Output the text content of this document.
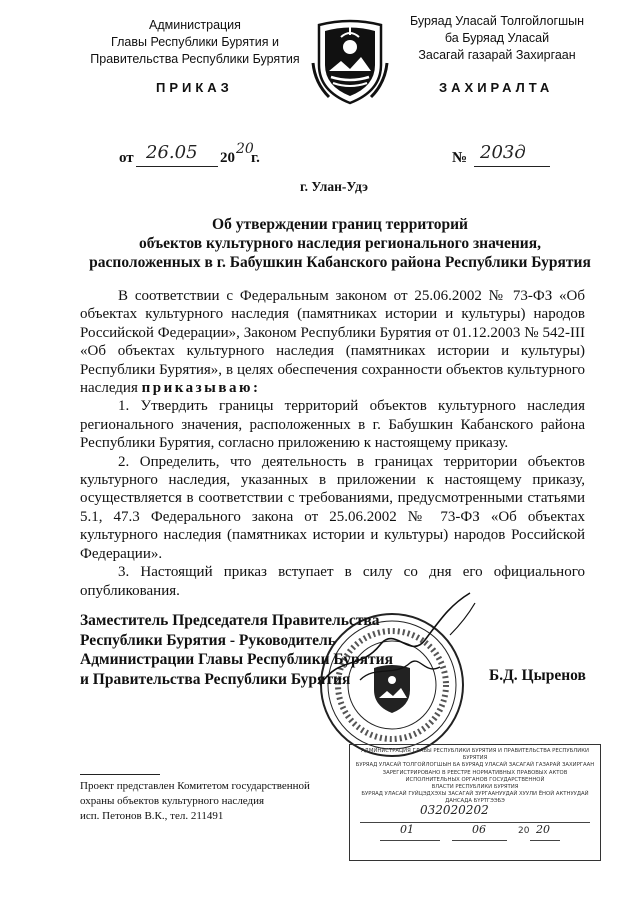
Администрация
Главы Республики Бурятия и
Правительства Республики Бурятия
ПРИКАЗ
Буряад Уласай Толгойлогшын
ба Буряад Уласай
Засагай газарай Захиргаан
ЗАХИРАЛТА
от 26.05 20
20
г.	№ 203д
г. Улан-Удэ
Об утверждении границ территорий
объектов культурного наследия регионального значения,
расположенных в г. Бабушкин Кабанского района Республики Бурятия

В соответствии с Федеральным законом от 25.06.2002 № 73-ФЗ «Об объектах культурного наследия (памятниках истории и культуры) народов Российской Федерации», Законом Республики Бурятия от 01.12.2003 № 542-III «Об объектах культурного наследия (памятниках истории и культуры) Республики Бурятия», в целях обеспечения сохранности объектов культурного наследия приказываю:

1. Утвердить границы территорий объектов культурного наследия регионального значения, расположенных в г. Бабушкин Кабанского района Республики Бурятия, согласно приложению к настоящему приказу.

2. Определить, что деятельность в границах территории объектов культурного наследия, указанных в приложении к настоящему приказу, осуществляется в соответствии с требованиями, предусмотренными статьями 5.1, 47.3 Федерального закона от 25.06.2002 № 73-ФЗ «Об объектах культурного наследия (памятниках истории и культуры) народов Российской Федерации».

3. Настоящий приказ вступает в силу со дня его официального опубликования.

Заместитель Председателя Правительства
Республики Бурятия - Руководитель
Администрации Главы Республики Бурятия
и Правительства Республики Бурятия	Б.Д. Цыренов
АДМИНИСТРАЦИЯ ГЛАВЫ РЕСПУБЛИКИ БУРЯТИЯ И ПРАВИТЕЛЬСТВА РЕСПУБЛИКИ БУРЯТИЯ
БУРЯАД УЛАСАЙ ТОЛГОЙЛОГШЫН БА БУРЯАД УЛАСАЙ ЗАСАГАЙ ГАЗАРАЙ ЗАХИРГААН
ЗАРЕГИСТРИРОВАНО В РЕЕСТРЕ НОРМАТИВНЫХ ПРАВОВЫХ АКТОВ
ИСПОЛНИТЕЛЬНЫХ ОРГАНОВ ГОСУДАРСТВЕННОЙ
ВЛАСТИ РЕСПУБЛИКИ БУРЯТИЯ
БУРЯАД УЛАСАЙ ГУЙЦЭДХЭХЫ ЗАСАГАЙ ЗУРГААНУУДАЙ ХУУЛИ ЁНОЙ АКТНУУДАЙ
ДАНСАДА БҮРТГЭЭБЭ
032020202
01	06	20 20
Проект представлен Комитетом государственной
охраны объектов культурного наследия
исп. Петонов В.К., тел. 211491
